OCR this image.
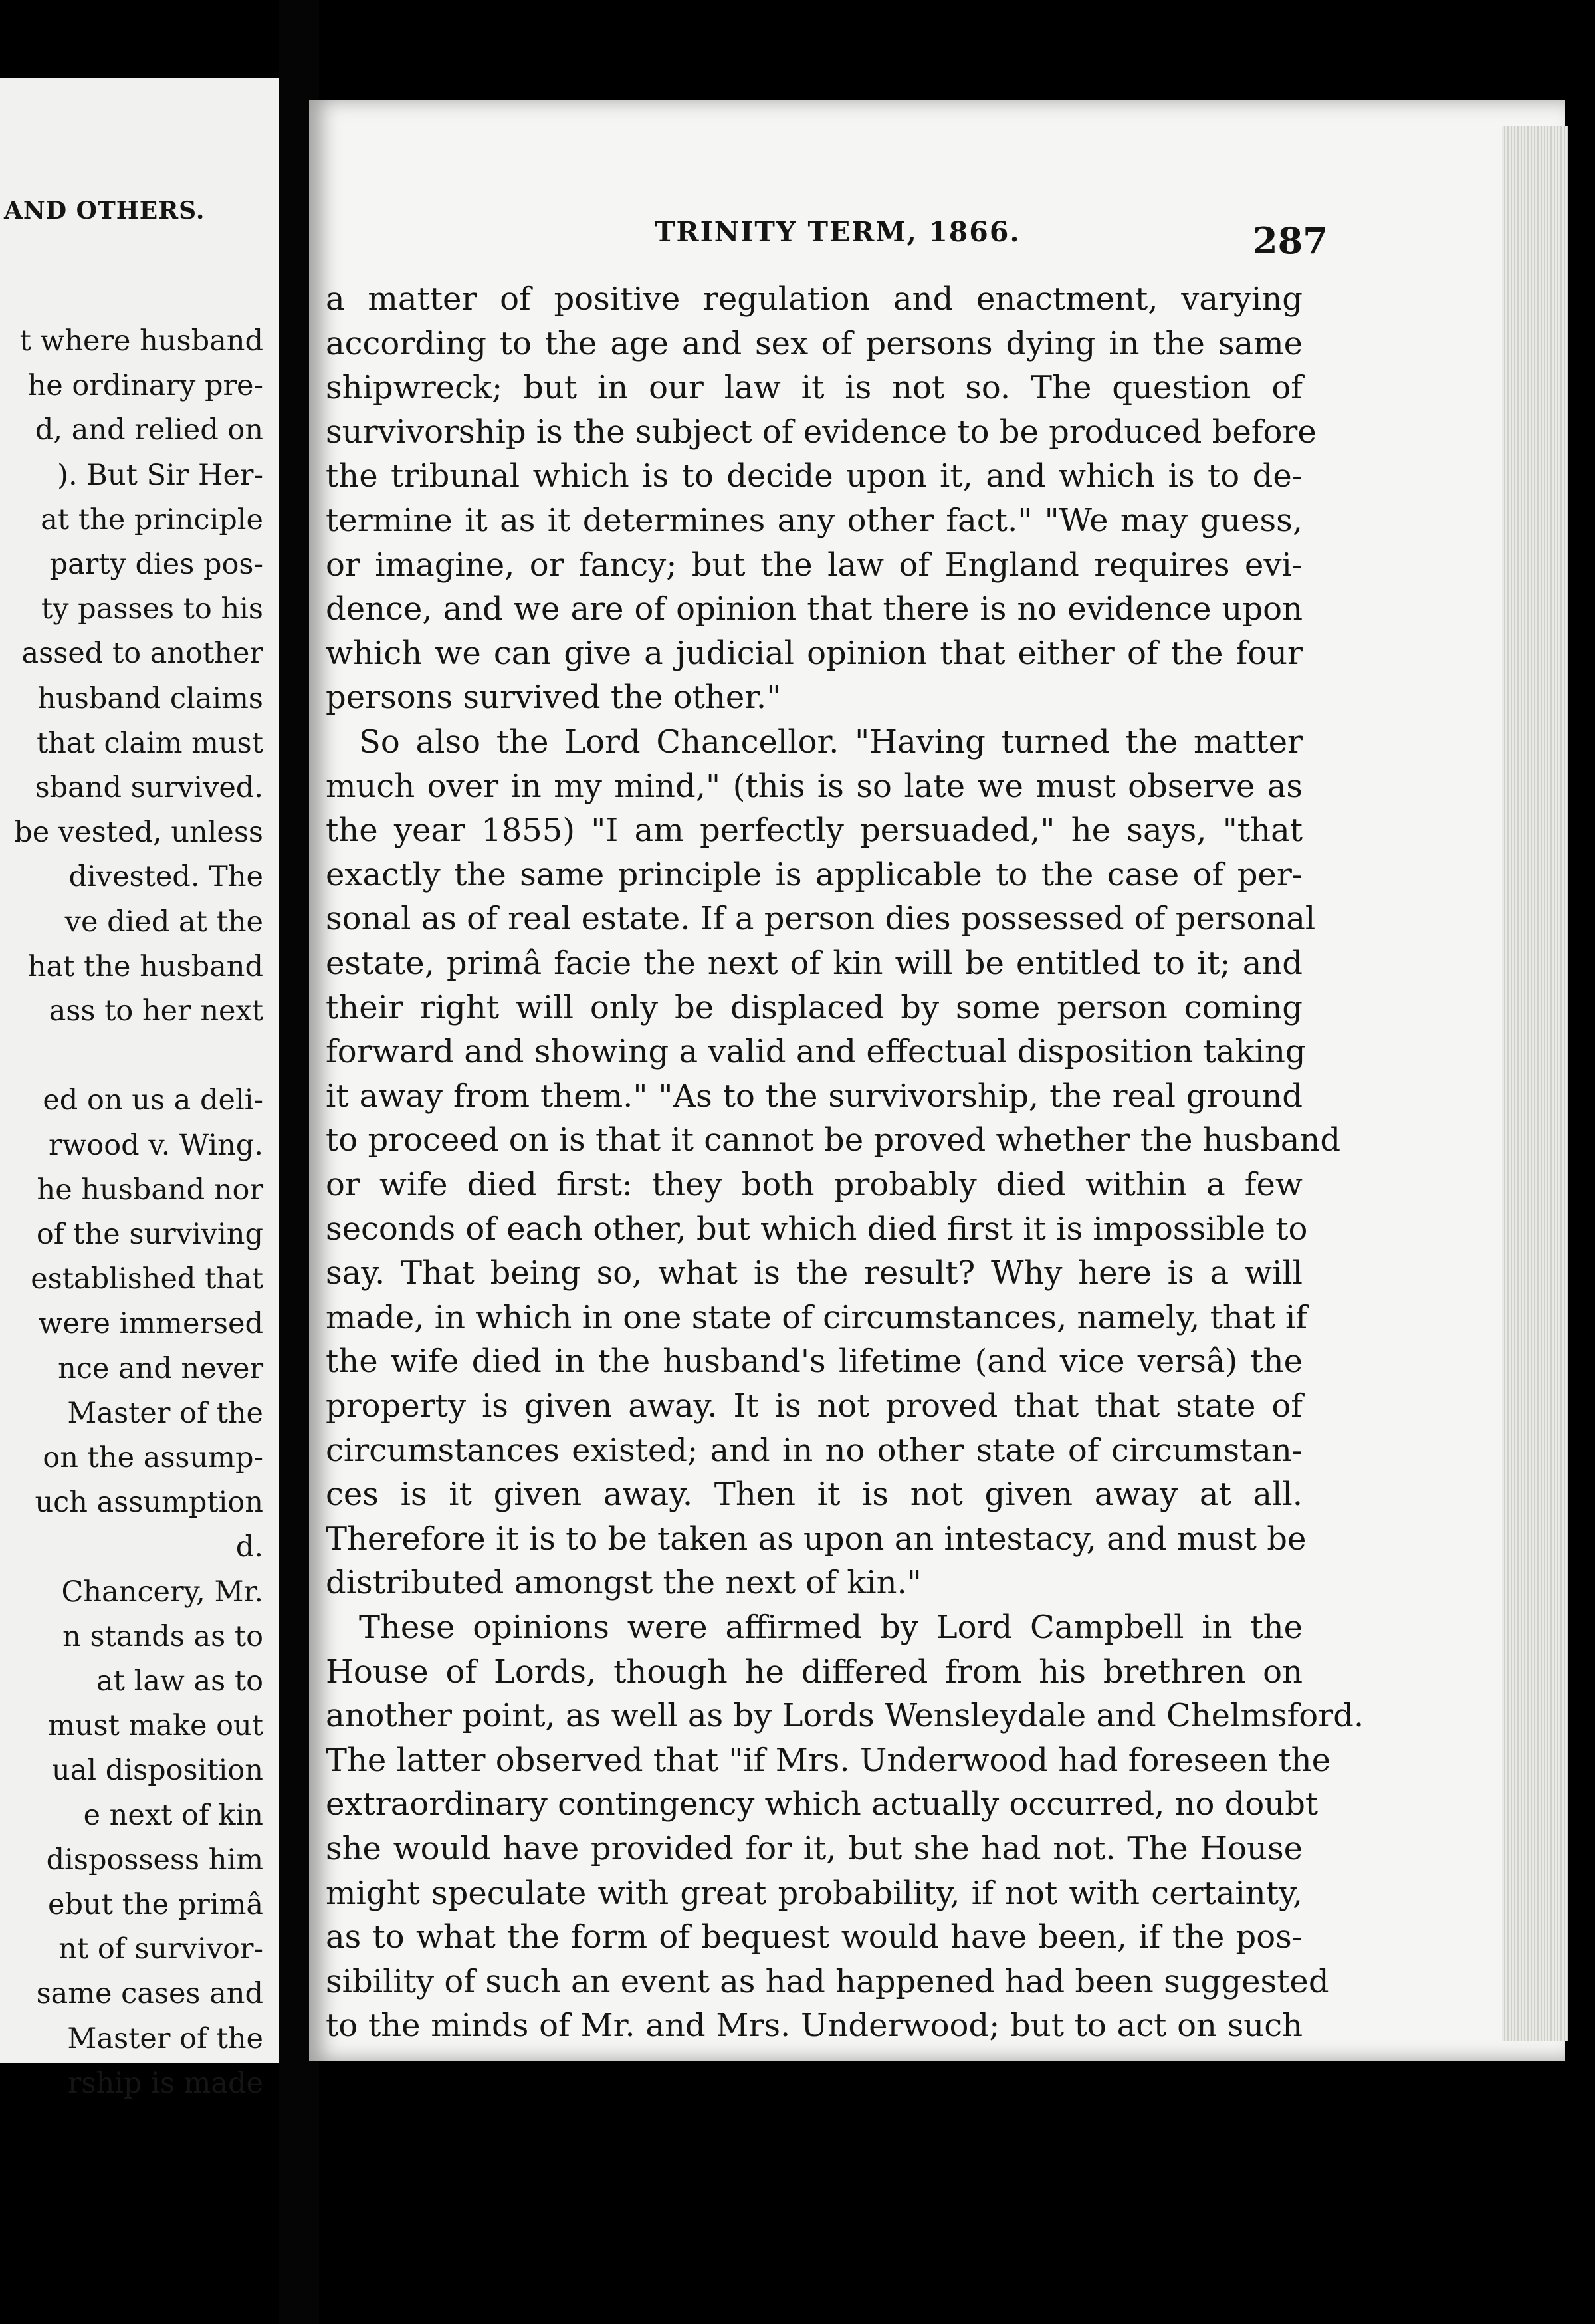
AND OTHERS.
t where husband
he ordinary pre-
d, and relied on
). But Sir Her-
at the principle
party dies pos-
ty passes to his
assed to another
husband claims
that claim must
sband survived.
be vested, unless
divested. The
ve died at the
hat the husband
ass to her next
ed on us a deli-
rwood v. Wing.
he husband nor
of the surviving
established that
were immersed
nce and never
Master of the
on the assump-
uch assumption
d.
Chancery, Mr.
n stands as to
at law as to
must make out
ual disposition
e next of kin
dispossess him
ebut the primâ
nt of survivor-
same cases and
Master of the
rship is made
TRINITY TERM, 1866.	287
a matter of positive regulation and enactment, varying
according to the age and sex of persons dying in the same
shipwreck; but in our law it is not so. The question of
survivorship is the subject of evidence to be produced before
the tribunal which is to decide upon it, and which is to de-
termine it as it determines any other fact." "We may guess,
or imagine, or fancy; but the law of England requires evi-
dence, and we are of opinion that there is no evidence upon
which we can give a judicial opinion that either of the four
persons survived the other."
So also the Lord Chancellor. "Having turned the matter
much over in my mind," (this is so late we must observe as
the year 1855) "I am perfectly persuaded," he says, "that
exactly the same principle is applicable to the case of per-
sonal as of real estate. If a person dies possessed of personal
estate, primâ facie the next of kin will be entitled to it; and
their right will only be displaced by some person coming
forward and showing a valid and effectual disposition taking
it away from them." "As to the survivorship, the real ground
to proceed on is that it cannot be proved whether the husband
or wife died first: they both probably died within a few
seconds of each other, but which died first it is impossible to
say. That being so, what is the result? Why here is a will
made, in which in one state of circumstances, namely, that if
the wife died in the husband's lifetime (and vice versâ) the
property is given away. It is not proved that that state of
circumstances existed; and in no other state of circumstan-
ces is it given away. Then it is not given away at all.
Therefore it is to be taken as upon an intestacy, and must be
distributed amongst the next of kin."
These opinions were affirmed by Lord Campbell in the
House of Lords, though he differed from his brethren on
another point, as well as by Lords Wensleydale and Chelmsford.
The latter observed that "if Mrs. Underwood had foreseen the
extraordinary contingency which actually occurred, no doubt
she would have provided for it, but she had not. The House
might speculate with great probability, if not with certainty,
as to what the form of bequest would have been, if the pos-
sibility of such an event as had happened had been suggested
to the minds of Mr. and Mrs. Underwood; but to act on such
